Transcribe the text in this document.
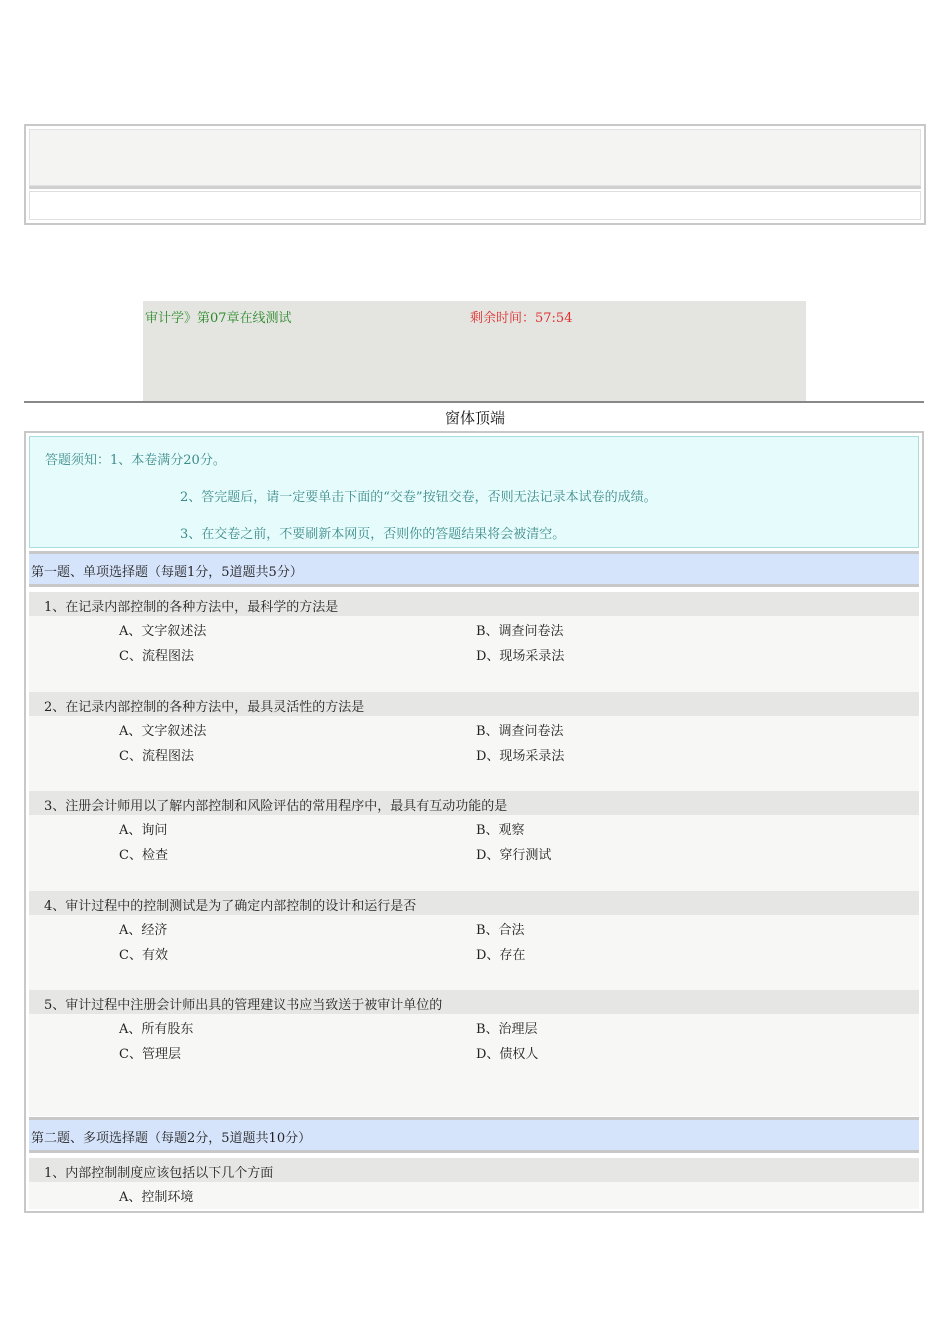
审计学》第07章在线测试	剩余时间：57:54
窗体顶端
答题须知：1、本卷满分20分。
2、答完题后，请一定要单击下面的“交卷”按钮交卷，否则无法记录本试卷的成绩。
3、在交卷之前，不要刷新本网页，否则你的答题结果将会被清空。
第一题、单项选择题（每题1分，5道题共5分）
1、在记录内部控制的各种方法中，最科学的方法是
A、文字叙述法	B、调查问卷法
C、流程图法	D、现场采录法
2、在记录内部控制的各种方法中，最具灵活性的方法是
A、文字叙述法	B、调查问卷法
C、流程图法	D、现场采录法
3、注册会计师用以了解内部控制和风险评估的常用程序中，最具有互动功能的是
A、询问	B、观察
C、检查	D、穿行测试
4、审计过程中的控制测试是为了确定内部控制的设计和运行是否
A、经济	B、合法
C、有效	D、存在
5、审计过程中注册会计师出具的管理建议书应当致送于被审计单位的
A、所有股东	B、治理层
C、管理层	D、债权人
第二题、多项选择题（每题2分，5道题共10分）
1、内部控制制度应该包括以下几个方面
A、控制环境
